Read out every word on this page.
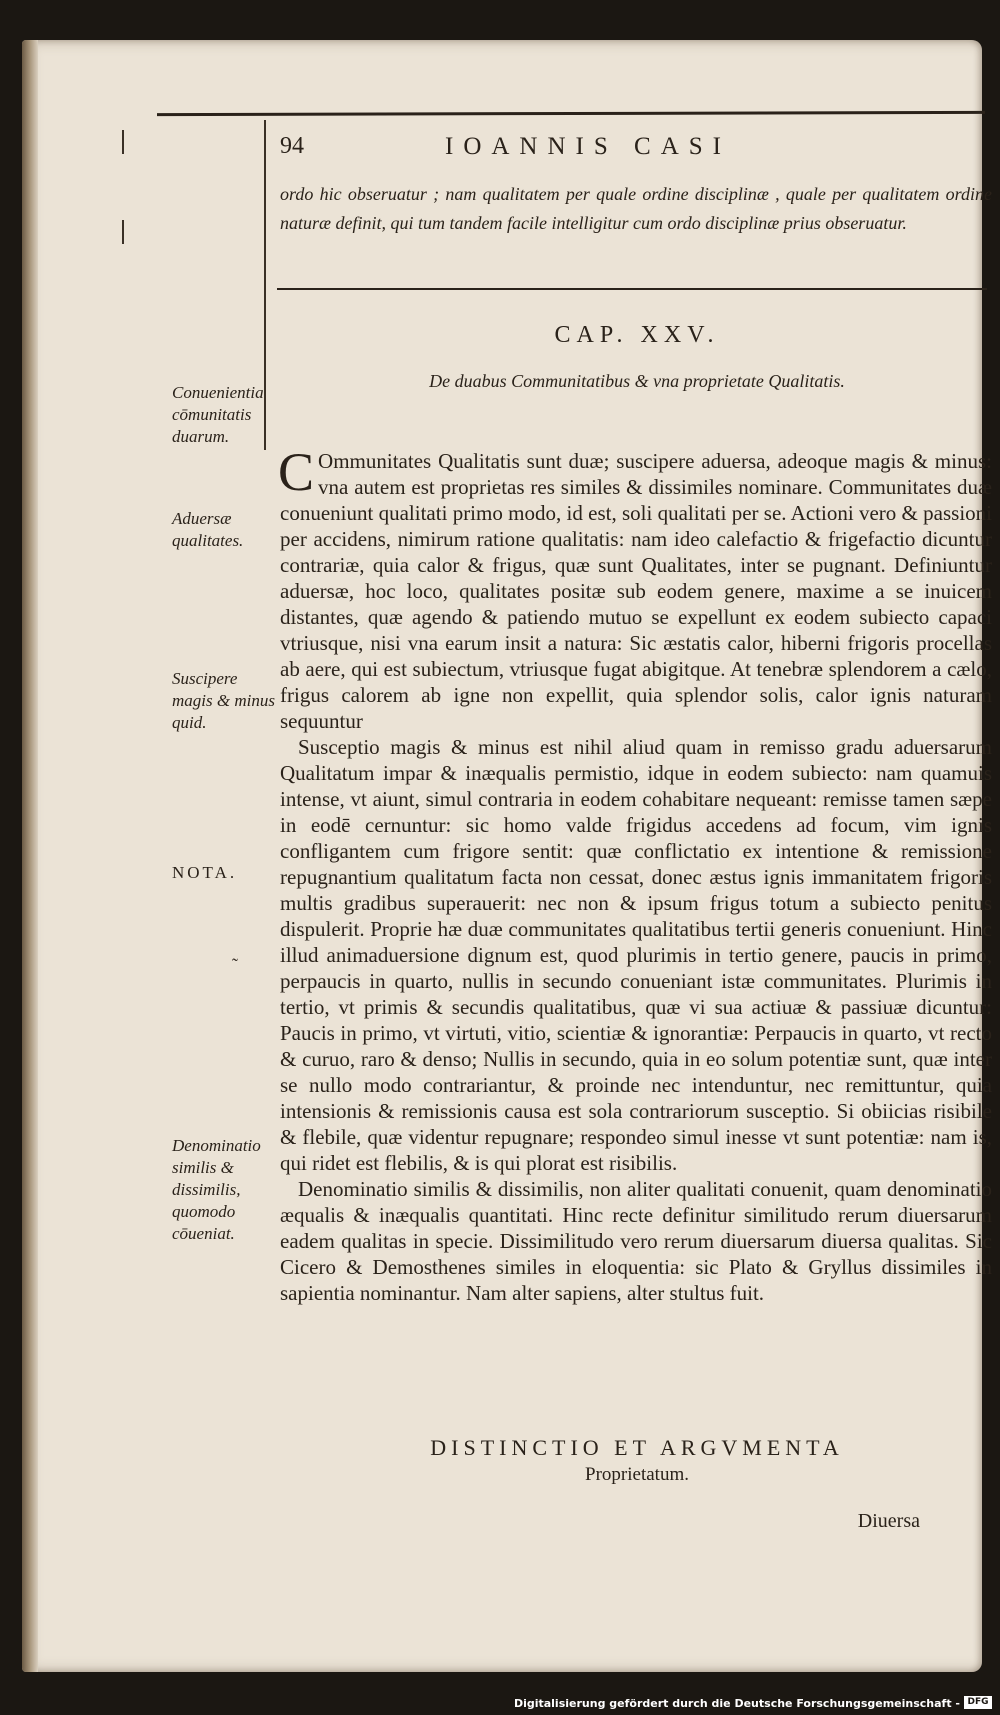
94	IOANNIS CASI
ordo hic obseruatur ; nam qualitatem per quale ordine disciplinæ , quale per qualitatem ordine naturæ definit, qui tum tandem facile intelligitur cum ordo disciplinæ prius obseruatur.
CAP. XXV.
De duabus Communitatibus & vna proprietate Qualitatis.

C Ommunitates Qualitatis sunt duæ; suscipere aduersa, adeoque magis & minus: vna autem est proprietas res similes & dissimiles nominare. Communitates duæ conueniunt qualitati primo modo, id est, soli qualitati per se. Actioni vero & passioni per accidens, nimirum ratione qualitatis: nam ideo calefactio & frigefactio dicuntur contrariæ, quia calor & frigus, quæ sunt Qualitates, inter se pugnant. Definiuntur aduersæ, hoc loco, qualitates positæ sub eodem genere, maxime a se inuicem distantes, quæ agendo & patiendo mutuo se expellunt ex eodem subiecto capaci vtriusque, nisi vna earum insit a natura: Sic æstatis calor, hiberni frigoris procellas ab aere, qui est subiectum, vtriusque fugat abigitque. At tenebræ splendorem a cælo, frigus calorem ab igne non expellit, quia splendor solis, calor ignis naturam sequuntur

Susceptio magis & minus est nihil aliud quam in remisso gradu aduersarum Qualitatum impar & inæqualis permistio, idque in eodem subiecto: nam quamuis intense, vt aiunt, simul contraria in eodem cohabitare nequeant: remisse tamen sæpe in eodē cernuntur: sic homo valde frigidus accedens ad focum, vim ignis confligantem cum frigore sentit: quæ conflictatio ex intentione & remissione repugnantium qualitatum facta non cessat, donec æstus ignis immanitatem frigoris multis gradibus superauerit: nec non & ipsum frigus totum a subiecto penitus dispulerit. Proprie hæ duæ communitates qualitatibus tertii generis conueniunt. Hinc illud animaduersione dignum est, quod plurimis in tertio genere, paucis in primo, perpaucis in quarto, nullis in secundo conueniant istæ communitates. Plurimis in tertio, vt primis & secundis qualitatibus, quæ vi sua actiuæ & passiuæ dicuntur: Paucis in primo, vt virtuti, vitio, scientiæ & ignorantiæ: Perpaucis in quarto, vt recto & curuo, raro & denso; Nullis in secundo, quia in eo solum potentiæ sunt, quæ inter se nullo modo contrariantur, & proinde nec intenduntur, nec remittuntur, quia intensionis & remissionis causa est sola contrariorum susceptio. Si obiicias risibile & flebile, quæ videntur repugnare; respondeo simul inesse vt sunt potentiæ: nam is, qui ridet est flebilis, & is qui plorat est risibilis.

Denominatio similis & dissimilis, non aliter qualitati conuenit, quam denominatio æqualis & inæqualis quantitati. Hinc recte definitur similitudo rerum diuersarum eadem qualitas in specie. Dissimilitudo vero rerum diuersarum diuersa qualitas. Sic Cicero & Demosthenes similes in eloquentia: sic Plato & Gryllus dissimiles in sapientia nominantur. Nam alter sapiens, alter stultus fuit.

Conuenientia cōmunitatis duarum.
Aduersæ qualitates.
Suscipere magis & minus quid.
NOTA.
Denominatio similis & dissimilis, quomodo cōueniat.
˜
DISTINCTIO ET ARGVMENTA
Proprietatum.
Diuersa
Digitalisierung gefördert durch die Deutsche Forschungsgemeinschaft - DFG
